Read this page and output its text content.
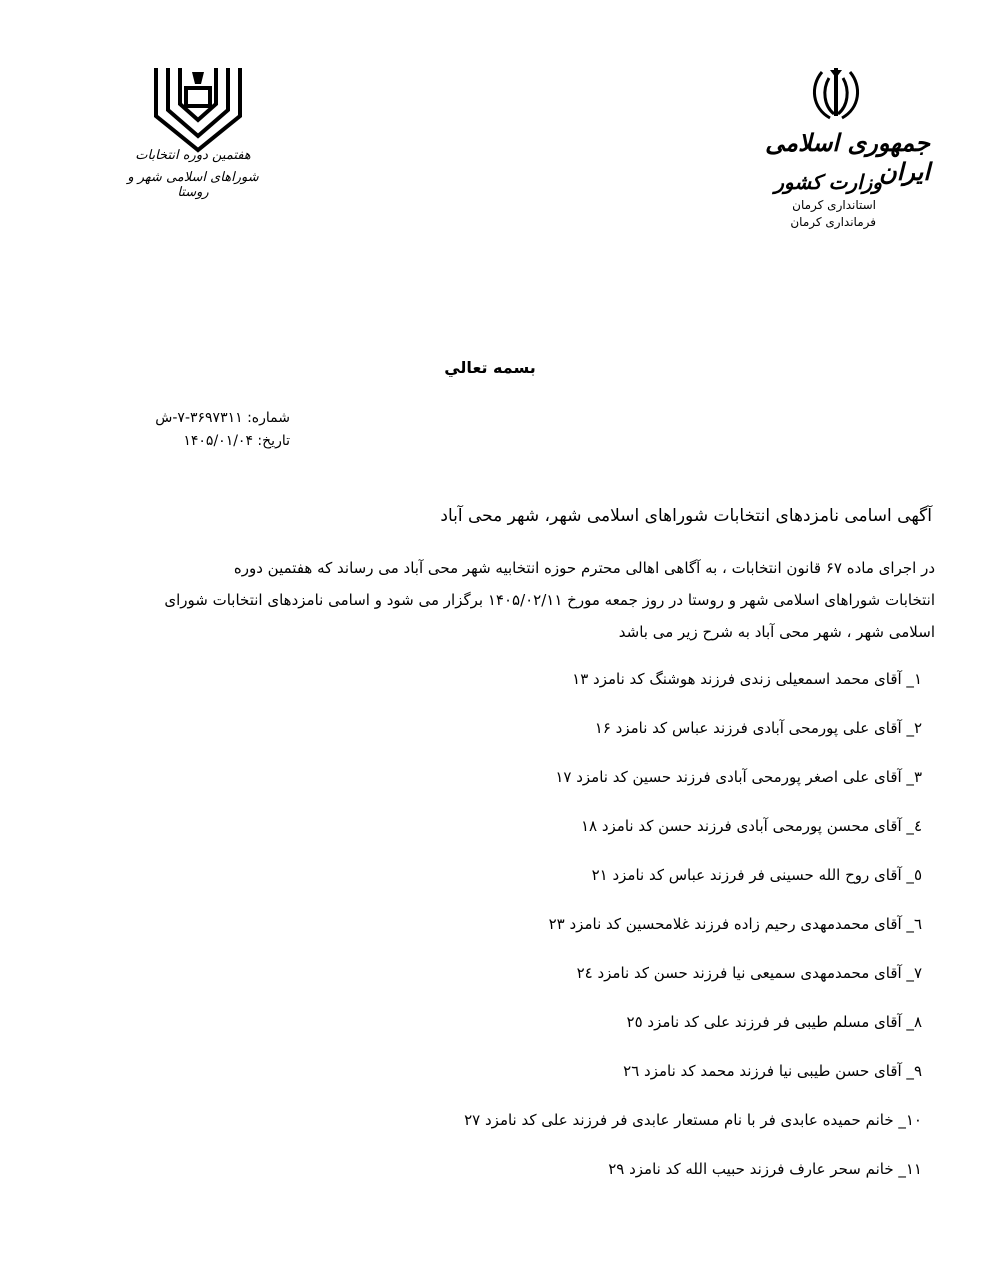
هفتمین دوره انتخابات
شوراهای اسلامی شهر و روستا
جمهوری اسلامی ایران
وزارت کشور
استانداری کرمان
فرمانداری کرمان
بسمه تعالي
شماره: ۳۶۹۷۳۱۱-۷-ش
تاریخ: ۱۴۰۵/۰۱/۰۴
آگهی اسامی نامزدهای انتخابات شوراهای اسلامی شهر، شهر محی آباد
در اجرای ماده ۶۷ قانون انتخابات ، به آگاهی اهالی محترم حوزه انتخابیه شهر محی آباد می رساند که هفتمین دوره
انتخابات شوراهای اسلامی شهر و روستا در روز جمعه مورخ ۱۴۰۵/۰۲/۱۱ برگزار می شود و اسامی نامزدهای انتخابات شورای
اسلامی شهر ، شهر محی آباد به شرح زیر می باشد
۱_ آقای محمد اسمعیلی زندی فرزند هوشنگ کد نامزد ۱۳
۲_ آقای علی پورمحی آبادی فرزند عباس کد نامزد ۱۶
۳_ آقای علی اصغر پورمحی آبادی فرزند حسین کد نامزد ۱۷
٤_ آقای محسن پورمحی آبادی فرزند حسن کد نامزد ۱۸
٥_ آقای روح الله حسینی فر فرزند عباس کد نامزد ۲۱
٦_ آقای محمدمهدی رحیم زاده فرزند غلامحسین کد نامزد ۲۳
۷_ آقای محمدمهدی سمیعی نیا فرزند حسن کد نامزد ۲٤
۸_ آقای مسلم طیبی فر فرزند علی کد نامزد ۲٥
۹_ آقای حسن طیبی نیا فرزند محمد کد نامزد ۲٦
۱۰_ خانم حمیده عابدی فر با نام مستعار عابدی فر فرزند علی کد نامزد ۲۷
۱۱_ خانم سحر عارف فرزند حبیب الله کد نامزد ۲۹
